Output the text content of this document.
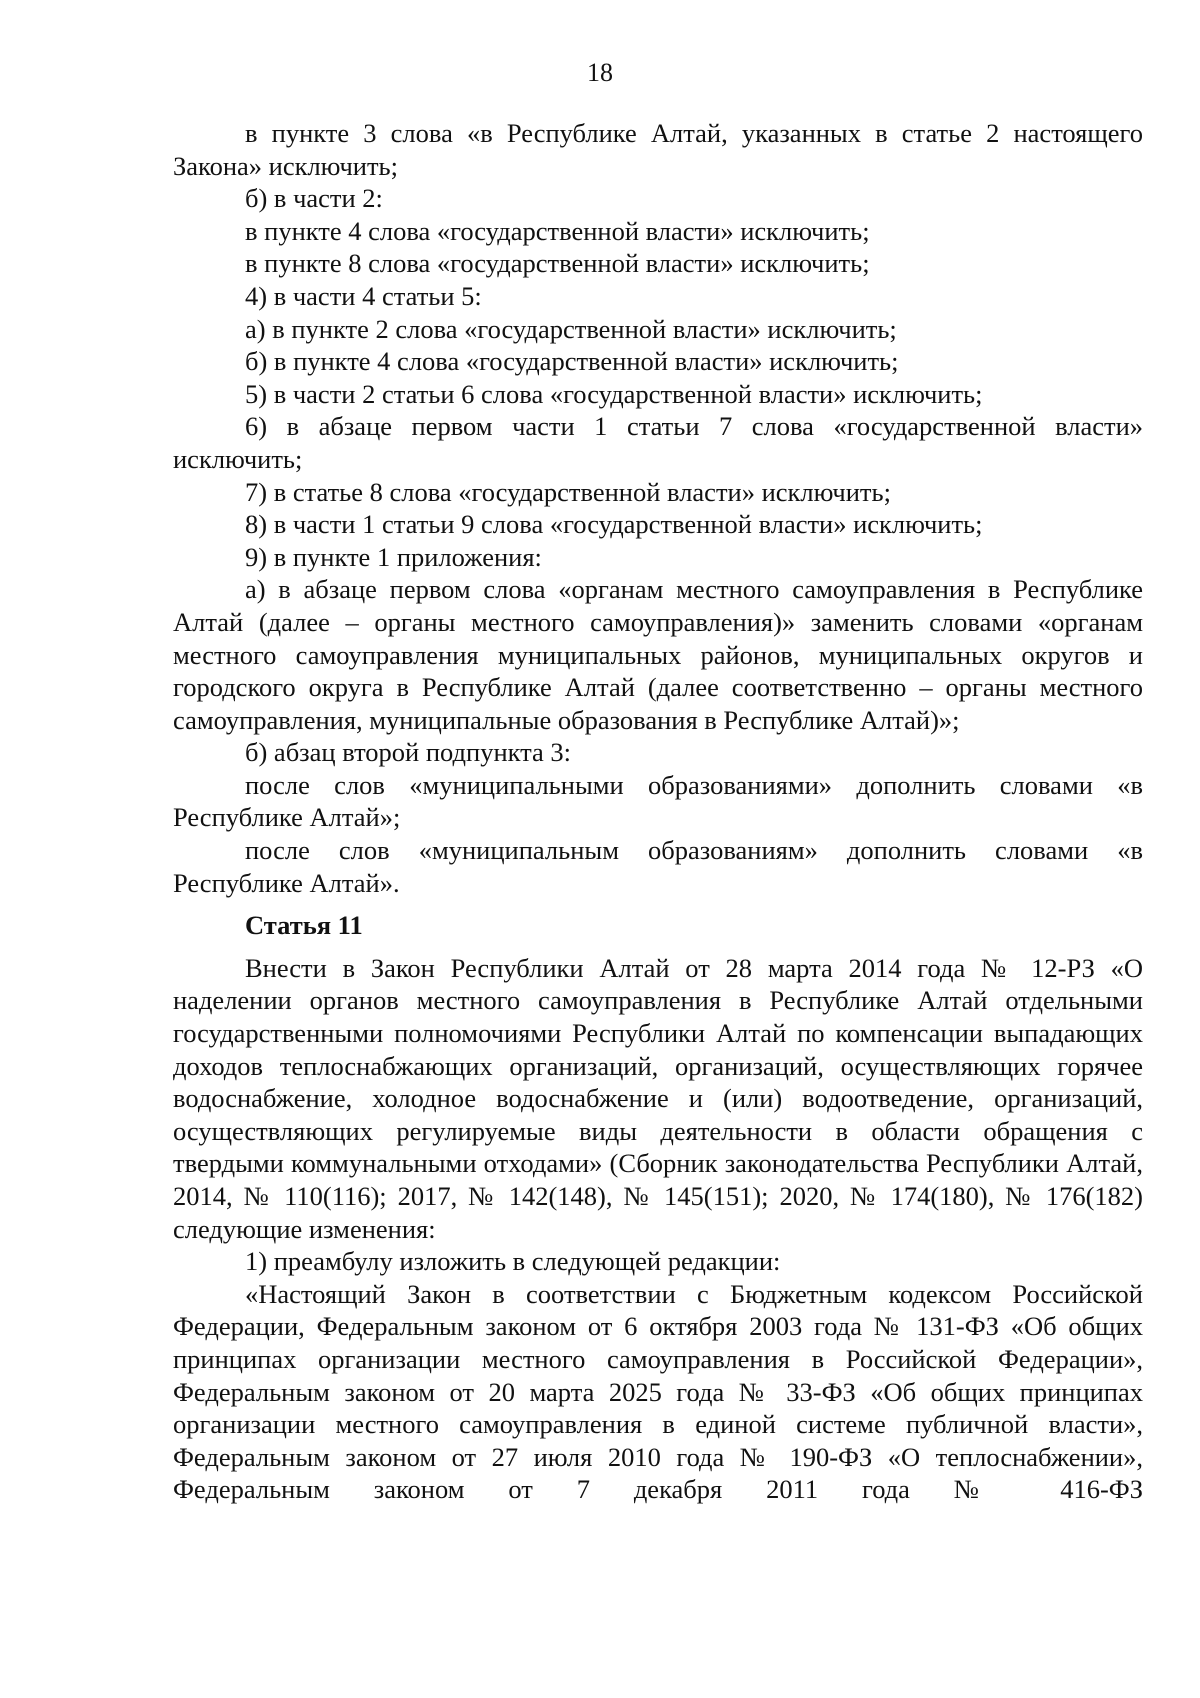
18

в пункте 3 слова «в Республике Алтай, указанных в статье 2 настоящего Закона» исключить;

б) в части 2:

в пункте 4 слова «государственной власти» исключить;

в пункте 8 слова «государственной власти» исключить;

4) в части 4 статьи 5:

а) в пункте 2 слова «государственной власти» исключить;

б) в пункте 4 слова «государственной власти» исключить;

5) в части 2 статьи 6 слова «государственной власти» исключить;

6) в абзаце первом части 1 статьи 7 слова «государственной власти» исключить;

7) в статье 8 слова «государственной власти» исключить;

8) в части 1 статьи 9 слова «государственной власти» исключить;

9) в пункте 1 приложения:

а) в абзаце первом слова «органам местного самоуправления в Республике Алтай (далее – органы местного самоуправления)» заменить словами «органам местного самоуправления муниципальных районов, муниципальных округов и городского округа в Республике Алтай (далее соответственно – органы местного самоуправления, муниципальные образования в Республике Алтай)»;

б) абзац второй подпункта 3:

после слов «муниципальными образованиями» дополнить словами «в Республике Алтай»;

после слов «муниципальным образованиям» дополнить словами «в Республике Алтай».

Статья 11

Внести в Закон Республики Алтай от 28 марта 2014 года № 12-РЗ «О наделении органов местного самоуправления в Республике Алтай отдельными государственными полномочиями Республики Алтай по компенсации выпадающих доходов теплоснабжающих организаций, организаций, осуществляющих горячее водоснабжение, холодное водоснабжение и (или) водоотведение, организаций, осуществляющих регулируемые виды деятельности в области обращения с твердыми коммунальными отходами» (Сборник законодательства Республики Алтай, 2014, № 110(116); 2017, № 142(148), № 145(151); 2020, № 174(180), № 176(182) следующие изменения:

1) преамбулу изложить в следующей редакции:

«Настоящий Закон в соответствии с Бюджетным кодексом Российской Федерации, Федеральным законом от 6 октября 2003 года № 131-ФЗ «Об общих принципах организации местного самоуправления в Российской Федерации», Федеральным законом от 20 марта 2025 года № 33-ФЗ «Об общих принципах организации местного самоуправления в единой системе публичной власти», Федеральным законом от 27 июля 2010 года № 190-ФЗ «О теплоснабжении», Федеральным законом от 7 декабря 2011 года № 416-ФЗ
